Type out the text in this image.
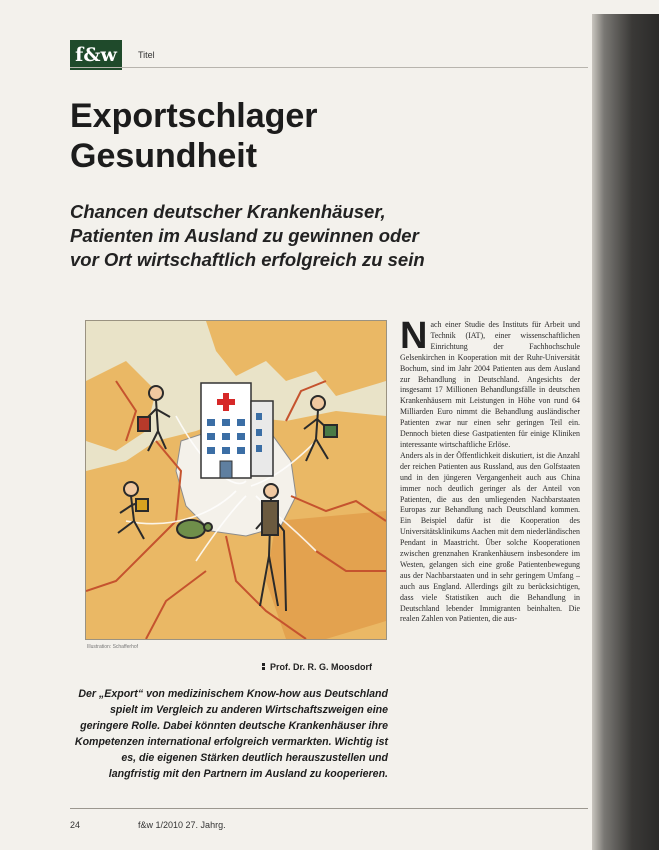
f&w	Titel
Exportschlager
Gesundheit
Chancen deutscher Krankenhäuser,
Patienten im Ausland zu gewinnen oder
vor Ort wirtschaftlich erfolgreich zu sein
Illustration: Schafferhof
Prof. Dr. R. G. Moosdorf

Der „Export“ von medizinischem Know-how aus Deutschland spielt im Vergleich zu anderen Wirtschaftszweigen eine geringere Rolle. Dabei könnten deutsche Krankenhäuser ihre Kompetenzen international erfolgreich vermarkten. Wichtig ist es, die eigenen Stärken deutlich herauszustellen und langfristig mit den Partnern im Ausland zu kooperieren.

N ach einer Studie des Instituts für Arbeit und Technik (IAT), einer wissenschaftlichen Einrichtung der Fachhochschule Gelsenkirchen in Kooperation mit der Ruhr-Universität Bochum, sind im Jahr 2004 Patienten aus dem Ausland zur Behandlung in Deutschland. Angesichts der insgesamt 17 Millionen Behandlungsfälle in deutschen Krankenhäusern mit Leistungen in Höhe von rund 64 Milliarden Euro nimmt die Behandlung ausländischer Patienten zwar nur einen sehr geringen Teil ein. Dennoch bieten diese Gastpatienten für einige Kliniken interessante wirtschaftliche Erlöse.

Anders als in der Öffentlichkeit diskutiert, ist die Anzahl der reichen Patienten aus Russland, aus den Golfstaaten und in den jüngeren Vergangenheit auch aus China immer noch deutlich geringer als der Anteil von Patienten, die aus den umliegenden Nachbarstaaten Europas zur Behandlung nach Deutschland kommen. Ein Beispiel dafür ist die Kooperation des Universitätsklinikums Aachen mit dem niederländischen Pendant in Maastricht. Über solche Kooperationen zwischen grenznahen Krankenhäusern insbesondere im Westen, gelangen sich eine große Patientenbewegung aus der Nachbarstaaten und in sehr geringem Umfang – auch aus England. Allerdings gilt zu berücksichtigen, dass viele Statistiken auch die Behandlung in Deutschland lebender Immigranten beinhalten. Die realen Zahlen von Patienten, die aus-

24	f&w 1/2010 27. Jahrg.
